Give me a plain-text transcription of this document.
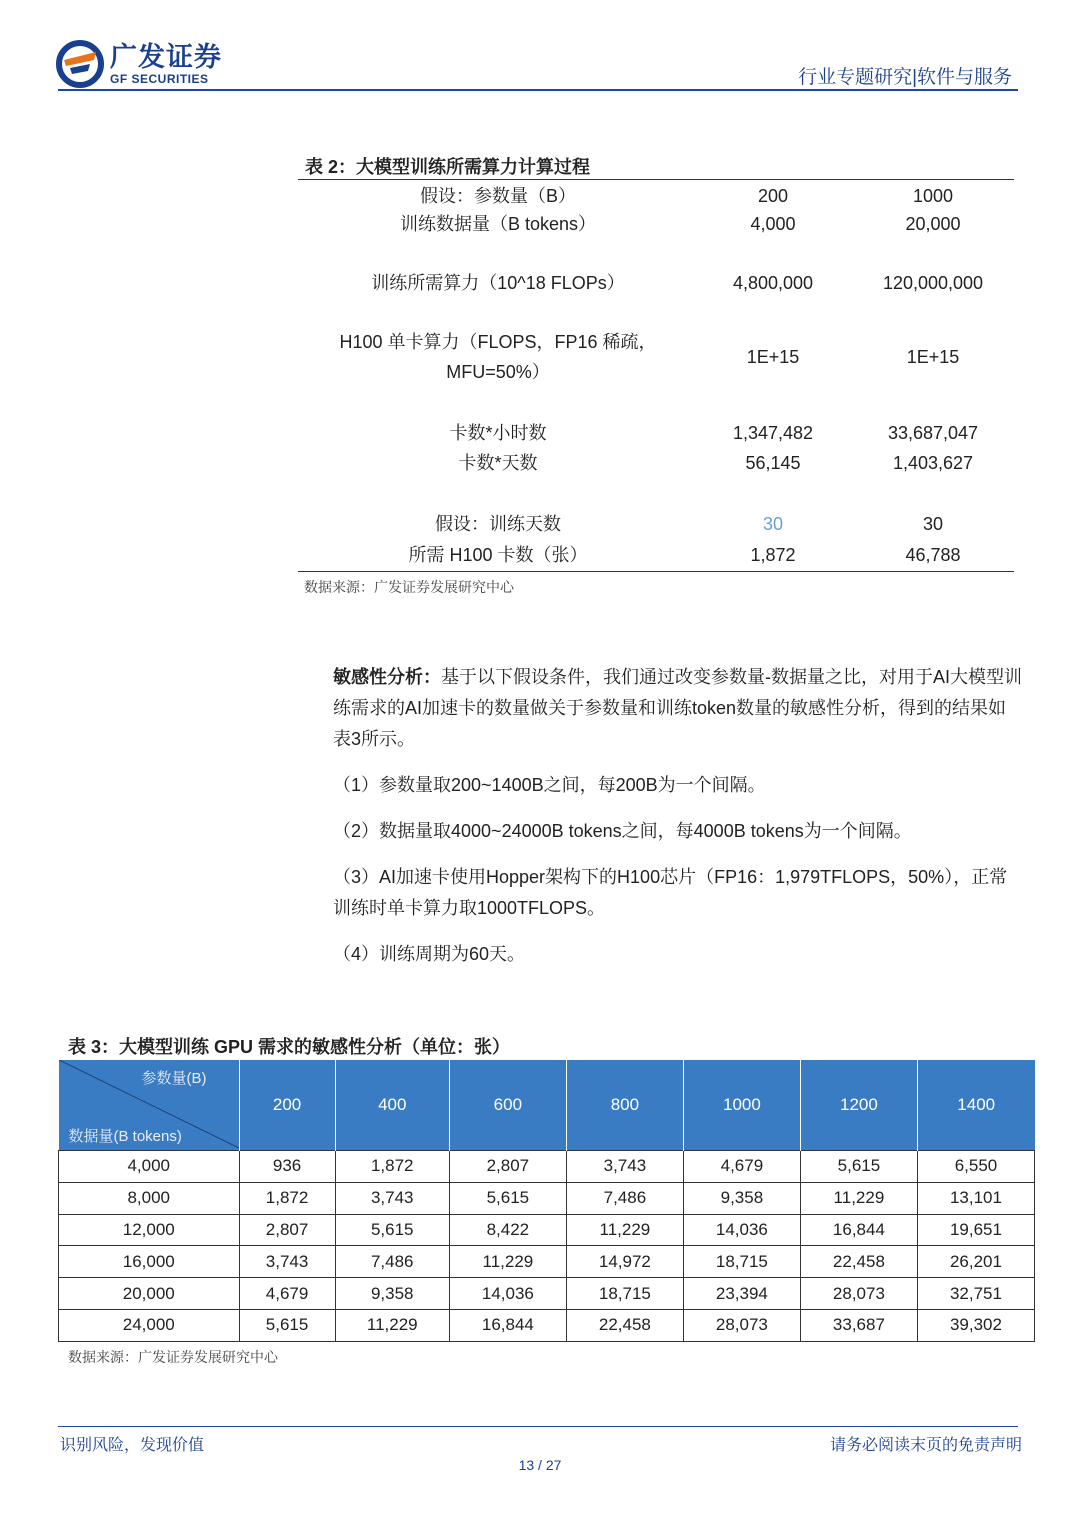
广发证券
GF SECURITIES	行业专题研究|软件与服务
表 2：大模型训练所需算力计算过程
假设：参数量（B）	200	1000
训练数据量（B tokens）	4,000	20,000
训练所需算力（10^18 FLOPs）	4,800,000	120,000,000
H100 单卡算力（FLOPS，FP16 稀疏，
MFU=50%）
1E+15	1E+15
卡数*小时数	1,347,482	33,687,047
卡数*天数	56,145	1,403,627
假设：训练天数	30	30
所需 H100 卡数（张）	1,872	46,788
数据来源：广发证券发展研究中心
敏感性分析：基于以下假设条件，我们通过改变参数量-数据量之比，对用于AI大模型训练需求的AI加速卡的数量做关于参数量和训练token数量的敏感性分析，得到的结果如表3所示。
（1）参数量取200~1400B之间，每200B为一个间隔。
（2）数据量取4000~24000B tokens之间，每4000B tokens为一个间隔。
（3）AI加速卡使用Hopper架构下的H100芯片（FP16：1,979TFLOPS，50%），正常训练时单卡算力取1000TFLOPS。
（4）训练周期为60天。
表 3：大模型训练 GPU 需求的敏感性分析（单位：张）
参数量(B)
数据量(B tokens)	200	400	600	800	1000	1200	1400
4,000	936	1,872	2,807	3,743	4,679	5,615	6,550
8,000	1,872	3,743	5,615	7,486	9,358	11,229	13,101
12,000	2,807	5,615	8,422	11,229	14,036	16,844	19,651
16,000	3,743	7,486	11,229	14,972	18,715	22,458	26,201
20,000	4,679	9,358	14,036	18,715	23,394	28,073	32,751
24,000	5,615	11,229	16,844	22,458	28,073	33,687	39,302
数据来源：广发证券发展研究中心
识别风险，发现价值	请务必阅读末页的免责声明
13 / 27
